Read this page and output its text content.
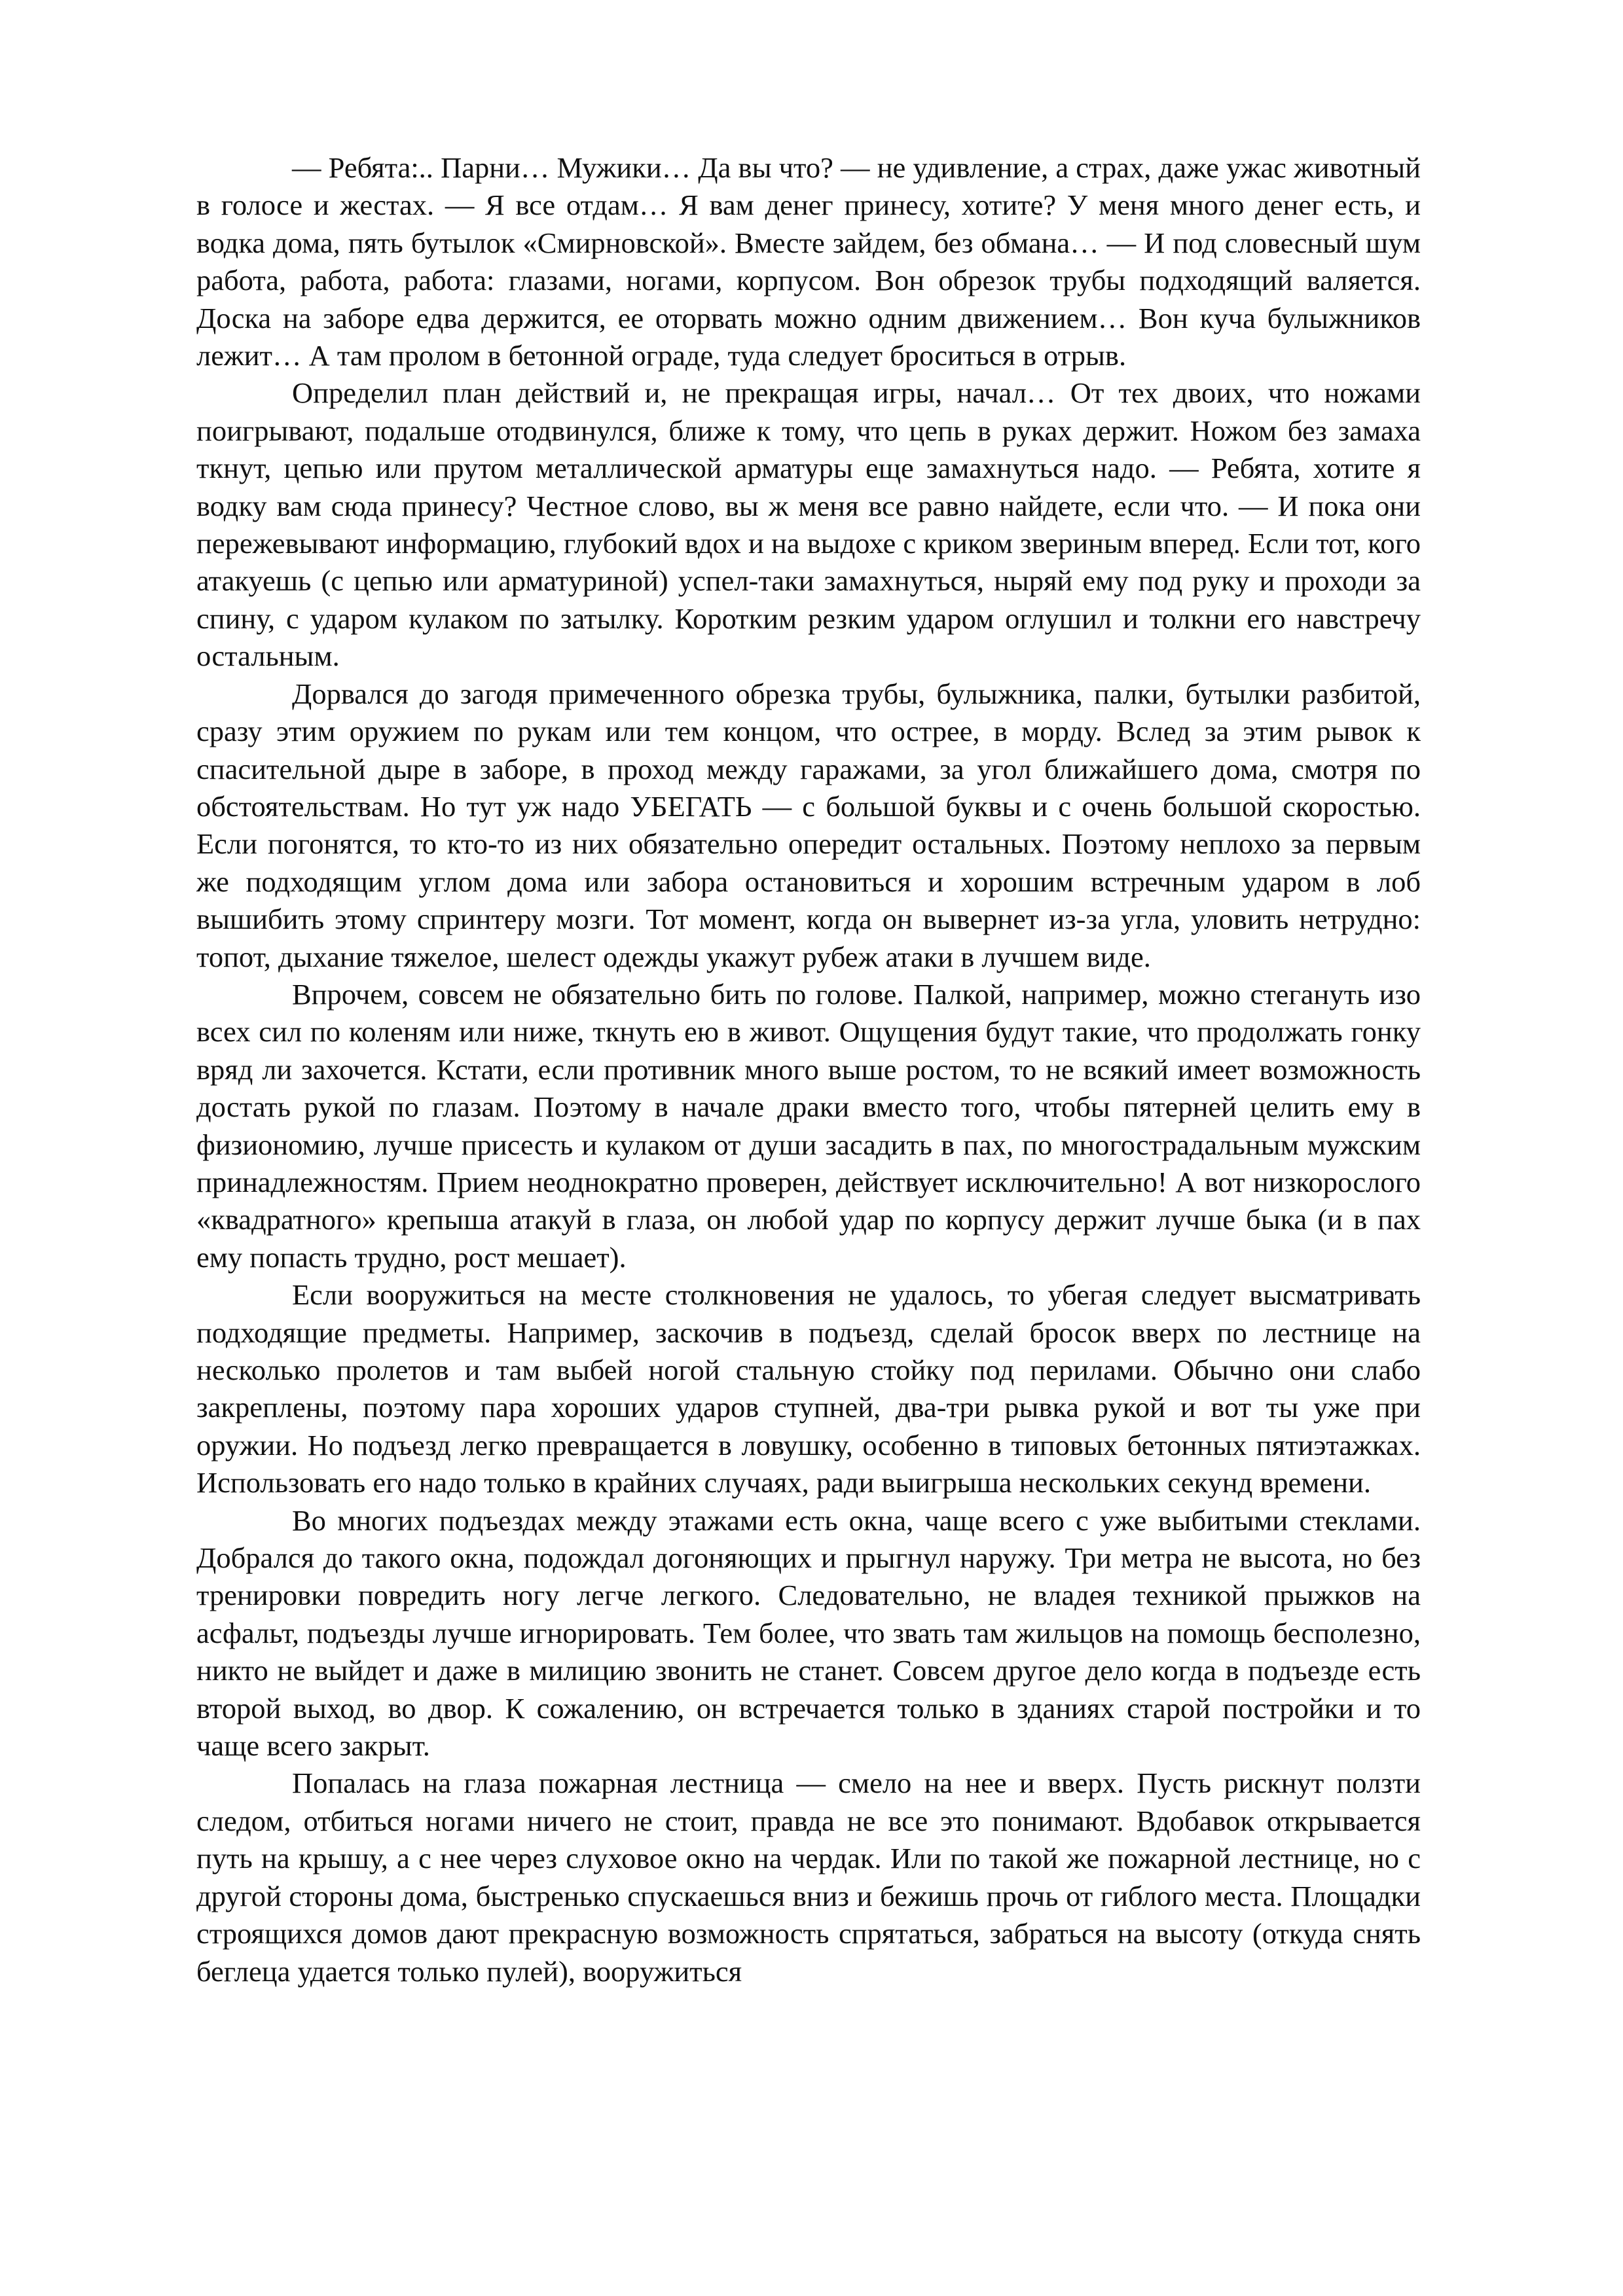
— Ребята:.. Парни… Мужики… Да вы что? — не удивление, а страх, даже ужас животный в голосе и жестах. — Я все отдам… Я вам денег принесу, хотите? У меня много денег есть, и водка дома, пять бутылок «Смирновской». Вместе зайдем, без обмана… — И под словесный шум работа, работа, работа: глазами, ногами, корпусом. Вон обрезок трубы подходящий валяется. Доска на заборе едва держится, ее оторвать можно одним движением… Вон куча булыжников лежит… А там пролом в бетонной ограде, туда следует броситься в отрыв.

Определил план действий и, не прекращая игры, начал… От тех двоих, что ножами поигрывают, подальше отодвинулся, ближе к тому, что цепь в руках держит. Ножом без замаха ткнут, цепью или прутом металлической арматуры еще замахнуться надо. — Ребята, хотите я водку вам сюда принесу? Честное слово, вы ж меня все равно найдете, если что. — И пока они пережевывают информацию, глубокий вдох и на выдохе с криком звериным вперед. Если тот, кого атакуешь (с цепью или арматуриной) успел-таки замахнуться, ныряй ему под руку и проходи за спину, с ударом кулаком по затылку. Коротким резким ударом оглушил и толкни его навстречу остальным.

Дорвался до загодя примеченного обрезка трубы, булыжника, палки, бутылки разбитой, сразу этим оружием по рукам или тем концом, что острее, в морду. Вслед за этим рывок к спасительной дыре в заборе, в проход между гаражами, за угол ближайшего дома, смотря по обстоятельствам. Но тут уж надо УБЕГАТЬ — с большой буквы и с очень большой скоростью. Если погонятся, то кто-то из них обязательно опередит остальных. Поэтому неплохо за первым же подходящим углом дома или забора остановиться и хорошим встречным ударом в лоб вышибить этому спринтеру мозги. Тот момент, когда он вывернет из-за угла, уловить нетрудно: топот, дыхание тяжелое, шелест одежды укажут рубеж атаки в лучшем виде.

Впрочем, совсем не обязательно бить по голове. Палкой, например, можно стегануть изо всех сил по коленям или ниже, ткнуть ею в живот. Ощущения будут такие, что продолжать гонку вряд ли захочется. Кстати, если противник много выше ростом, то не всякий имеет возможность достать рукой по глазам. Поэтому в начале драки вместо того, чтобы пятерней целить ему в физиономию, лучше присесть и кулаком от души засадить в пах, по многострадальным мужским принадлежностям. Прием неоднократно проверен, действует исключительно! А вот низкорослого «квадратного» крепыша атакуй в глаза, он любой удар по корпусу держит лучше быка (и в пах ему попасть трудно, рост мешает).

Если вооружиться на месте столкновения не удалось, то убегая следует высматривать подходящие предметы. Например, заскочив в подъезд, сделай бросок вверх по лестнице на несколько пролетов и там выбей ногой стальную стойку под перилами. Обычно они слабо закреплены, поэтому пара хороших ударов ступней, два-три рывка рукой и вот ты уже при оружии. Но подъезд легко превращается в ловушку, особенно в типовых бетонных пятиэтажках. Использовать его надо только в крайних случаях, ради выигрыша нескольких секунд времени.

Во многих подъездах между этажами есть окна, чаще всего с уже выбитыми стеклами. Добрался до такого окна, подождал догоняющих и прыгнул наружу. Три метра не высота, но без тренировки повредить ногу легче легкого. Следовательно, не владея техникой прыжков на асфальт, подъезды лучше игнорировать. Тем более, что звать там жильцов на помощь бесполезно, никто не выйдет и даже в милицию звонить не станет. Совсем другое дело когда в подъезде есть второй выход, во двор. К сожалению, он встречается только в зданиях старой постройки и то чаще всего закрыт.

Попалась на глаза пожарная лестница — смело на нее и вверх. Пусть рискнут ползти следом, отбиться ногами ничего не стоит, правда не все это понимают. Вдобавок открывается путь на крышу, а с нее через слуховое окно на чердак. Или по такой же пожарной лестнице, но с другой стороны дома, быстренько спускаешься вниз и бежишь прочь от гиблого места. Площадки строящихся домов дают прекрасную возможность спрятаться, забраться на высоту (откуда снять беглеца удается только пулей), вооружиться
